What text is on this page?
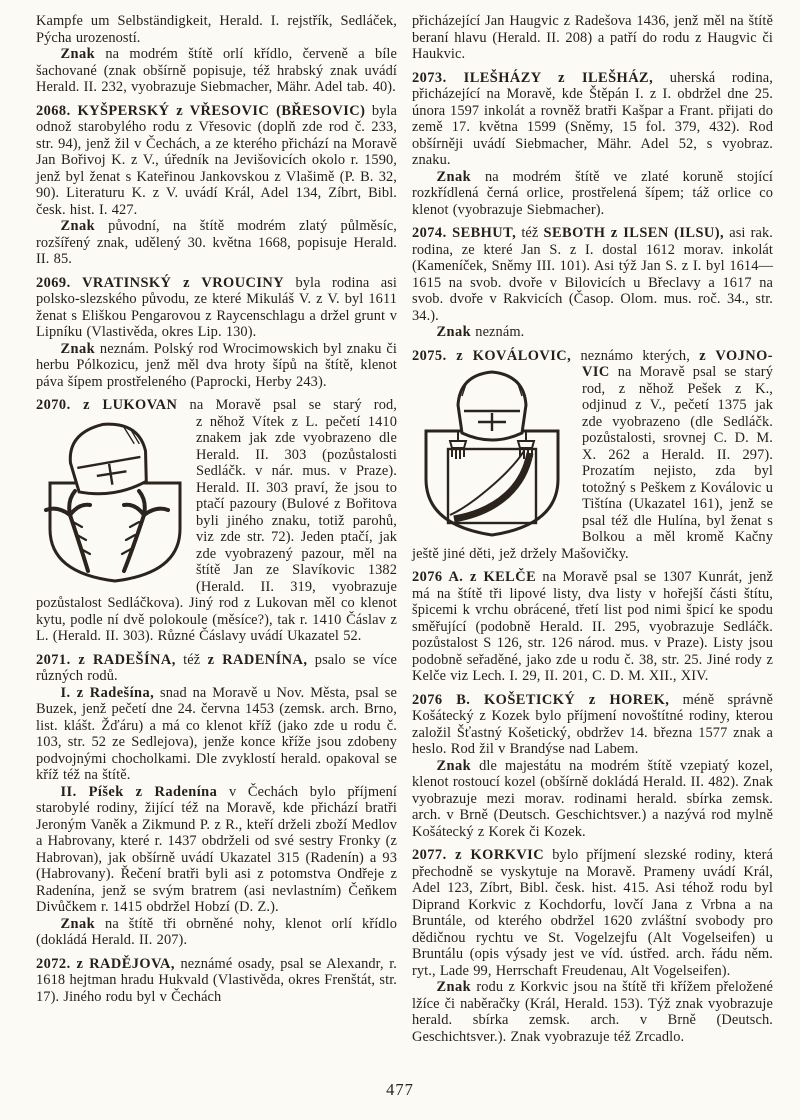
Kampfe um Selbständigkeit, Herald. I. rejstřík, Sedláček, Pýcha urozeností.
Znak na modrém štítě orlí křídlo, červeně a bíle šachované (znak obšírně popisuje, též hrabský znak uvádí Herald. II. 232, vyobrazuje Siebmacher, Mähr. Adel tab. 40).
2068. KYŠPERSKÝ z VŘESOVIC (BŘESOVIC) byla odnož starobylého rodu z Vřesovic (doplň zde rod č. 233, str. 94), jenž žil v Čechách, a ze kterého přichází na Moravě Jan Bořivoj K. z V., úředník na Jevišovicích okolo r. 1590, jenž byl ženat s Kateřinou Jankovskou z Vlašimě (P. B. 32, 90). Literaturu K. z V. uvádí Král, Adel 134, Zíbrt, Bibl. česk. hist. I. 427.
Znak původní, na štítě modrém zlatý půlměsíc, rozšířený znak, udělený 30. května 1668, popisuje Herald. II. 85.
2069. VRATINSKÝ z VROUCINY byla rodina asi polsko-slezského původu, ze které Mikuláš V. z V. byl 1611 ženat s Eliškou Pengarovou z Raycenschlagu a držel grunt v Lipníku (Vlastivěda, okres Lip. 130).
Znak neznám. Polský rod Wrocimowskich byl znaku či herbu Pólkozicu, jenž měl dva hroty šípů na štítě, klenot páva šípem prostřeleného (Paprocki, Herby 243).
2070. z LUKOVAN na Moravě psal se starý rod,
z něhož Vítek z L. pečetí 1410 znakem jak zde vyobrazeno dle Herald. II. 303 (pozůstalosti Sedláčk. v nár. mus. v Praze). Herald. II. 303 praví, že jsou to ptačí pazoury (Bulové z Bořitova byli jiného znaku, totiž parohů, viz zde str. 72). Jeden ptačí, jak zde vyobrazený pazour, měl na štítě Jan ze Slavíkovic 1382 (Herald. II. 319, vyobrazuje pozůstalost Sedláčkova). Jiný rod z Lukovan měl co klenot kytu, podle ní dvě polokoule (měsíce?), tak r. 1410 Čáslav z L. (Herald. II. 303). Různé Čáslavy uvádí Ukazatel 52.
2071. z RADEŠÍNA, též z RADENÍNA, psalo se více různých rodů.
I. z Radešína, snad na Moravě u Nov. Města, psal se Buzek, jenž pečetí dne 24. června 1453 (zemsk. arch. Brno, list. klášt. Žďáru) a má co klenot kříž (jako zde u rodu č. 103, str. 52 ze Sedlejova), jenže konce kříže jsou zdobeny podvojnými chocholkami. Dle zvyklostí herald. opakoval se kříž též na štítě.
II. Píšek z Radenína v Čechách bylo příjmení starobylé rodiny, žijící též na Moravě, kde přichází bratři Jeroným Vaněk a Zikmund P. z R., kteří drželi zboží Medlov a Habrovany, které r. 1437 obdrželi od své sestry Fronky (z Habrovan), jak obšírně uvádí Ukazatel 315 (Radenín) a 93 (Habrovany). Řečení bratři byli asi z potomstva Ondřeje z Radenína, jenž se svým bratrem (asi nevlastním) Čeňkem Divůčkem r. 1415 obdržel Hobzí (D. Z.).
Znak na štítě tři obrněné nohy, klenot orlí křídlo (dokládá Herald. II. 207).
2072. z RADĚJOVA, neznámé osady, psal se Alexandr, r. 1618 hejtman hradu Hukvald (Vlastivěda, okres Frenštát, str. 17). Jiného rodu byl v Čechách
přicházející Jan Haugvic z Radešova 1436, jenž měl na štítě beraní hlavu (Herald. II. 208) a patří do rodu z Haugvic či Haukvic.
2073. ILEŠHÁZY z ILEŠHÁZ, uherská rodina, přicházející na Moravě, kde Štěpán I. z I. obdržel dne 25. února 1597 inkolát a rovněž bratři Kašpar a Frant. přijati do země 17. května 1599 (Sněmy, 15 fol. 379, 432). Rod obšírněji uvádí Siebmacher, Mähr. Adel 52, s vyobraz. znaku.
Znak na modrém štítě ve zlaté koruně stojící rozkřídlená černá orlice, prostřelená šípem; táž orlice co klenot (vyobrazuje Siebmacher).
2074. SEBHUT, též SEBOTH z ILSEN (ILSU), asi rak. rodina, ze které Jan S. z I. dostal 1612 morav. inkolát (Kameníček, Sněmy III. 101). Asi týž Jan S. z I. byl 1614—1615 na svob. dvoře v Bilovicích u Břeclavy a 1617 na svob. dvoře v Rakvicích (Časop. Olom. mus. roč. 34., str. 34.).
Znak neznám.
2075. z KOVÁLOVIC, neznámo kterých, z VOJNO-
VIC na Moravě psal se starý rod, z něhož Pešek z K., odjinud z V., pečetí 1375 jak zde vyobrazeno (dle Sedláčk. pozůstalosti, srovnej C. D. M. X. 262 a Herald. II. 297). Prozatím nejisto, zda byl totožný s Peškem z Koválovic u Tištína (Ukazatel 161), jenž se psal též dle Hulína, byl ženat s Bolkou a měl kromě Kačny ještě jiné děti, jež držely Mašovičky.
2076 A. z KELČE na Moravě psal se 1307 Kunrát, jenž má na štítě tři lipové listy, dva listy v hořejší části štítu, špicemi k vrchu obrácené, třetí list pod nimi špicí ke spodu směřující (podobně Herald. II. 295, vyobrazuje Sedláčk. pozůstalost S 126, str. 126 národ. mus. v Praze). Listy jsou podobně seřaděné, jako zde u rodu č. 38, str. 25. Jiné rody z Kelče viz Lech. I. 29, II. 201, C. D. M. XII., XIV.
2076 B. KOŠETICKÝ z HOREK, méně správně Košátecký z Kozek bylo příjmení novoštítné rodiny, kterou založil Šťastný Košetický, obdržev 14. března 1577 znak a heslo. Rod žil v Brandýse nad Labem.
Znak dle majestátu na modrém štítě vzepiatý kozel, klenot rostoucí kozel (obšírně dokládá Herald. II. 482). Znak vyobrazuje mezi morav. rodinami herald. sbírka zemsk. arch. v Brně (Deutsch. Geschichtsver.) a nazývá rod mylně Košátecký z Korek či Kozek.
2077. z KORKVIC bylo příjmení slezské rodiny, která přechodně se vyskytuje na Moravě. Prameny uvádí Král, Adel 123, Zíbrt, Bibl. česk. hist. 415. Asi téhož rodu byl Diprand Korkvic z Kochdorfu, lovčí Jana z Vrbna a na Bruntále, od kterého obdržel 1620 zvláštní svobody pro dědičnou rychtu ve St. Vogelzejfu (Alt Vogelseifen) u Bruntálu (opis výsady jest ve víd. ústřed. arch. řádu něm. ryt., Lade 99, Herrschaft Freudenau, Alt Vogelseifen).
Znak rodu z Korkvic jsou na štítě tři křížem přeložené lžíce či naběračky (Král, Herald. 153). Týž znak vyobrazuje herald. sbírka zemsk. arch. v Brně (Deutsch. Geschichtsver.). Znak vyobrazuje též Zrcadlo.
477
